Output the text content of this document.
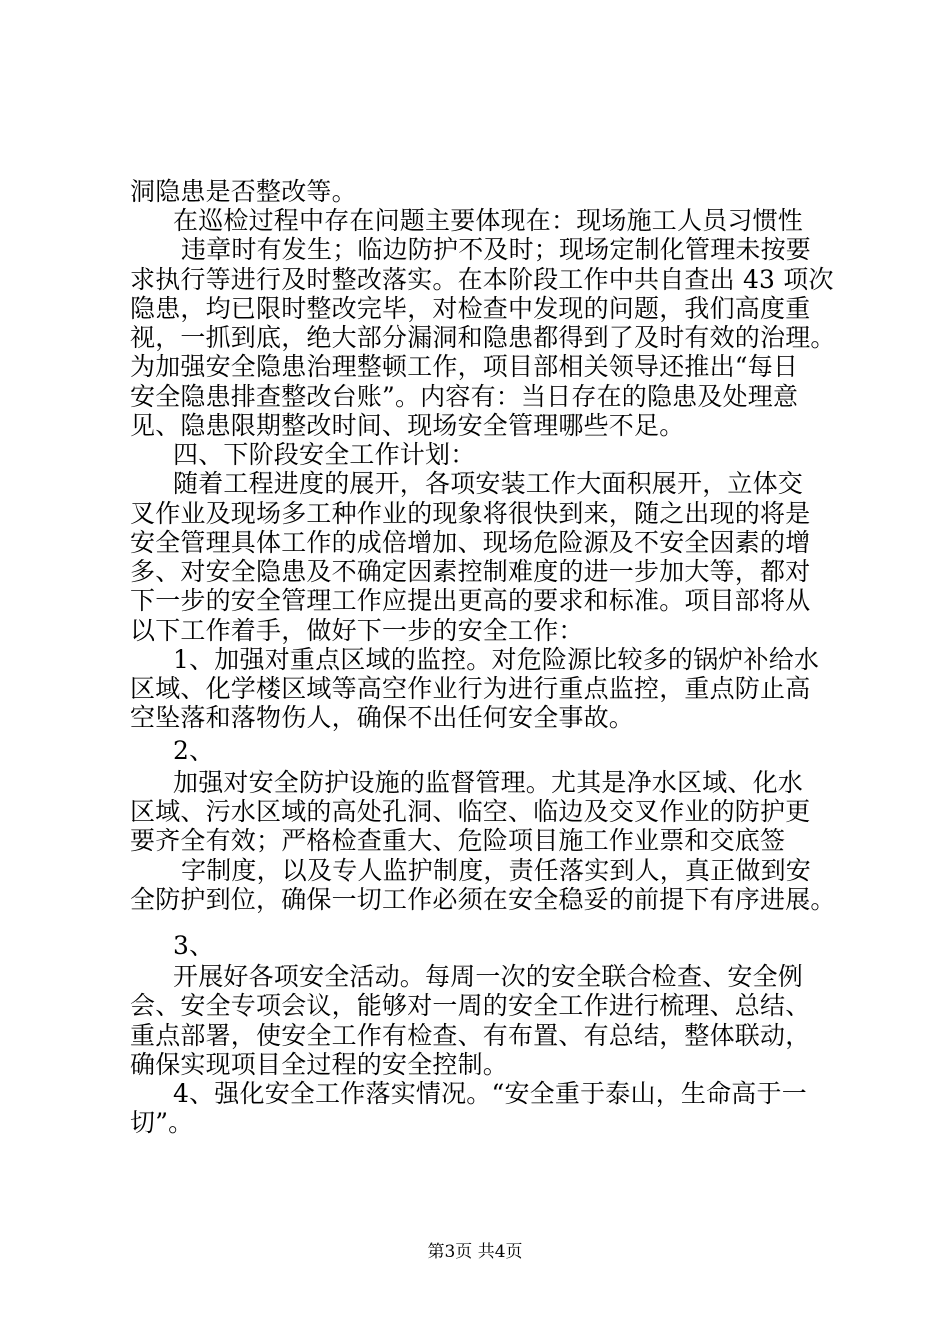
洞隐患是否整改等。
在巡检过程中存在问题主要体现在：现场施工人员习惯性
违章时有发生；临边防护不及时；现场定制化管理未按要
求执行等进行及时整改落实。在本阶段工作中共自查出 43 项次
隐患，均已限时整改完毕，对检查中发现的问题，我们高度重
视，一抓到底，绝大部分漏洞和隐患都得到了及时有效的治理。
为加强安全隐患治理整顿工作，项目部相关领导还推出“每日
安全隐患排查整改台账”。内容有：当日存在的隐患及处理意
见、隐患限期整改时间、现场安全管理哪些不足。
四、下阶段安全工作计划：
随着工程进度的展开，各项安装工作大面积展开，立体交
叉作业及现场多工种作业的现象将很快到来，随之出现的将是
安全管理具体工作的成倍增加、现场危险源及不安全因素的增
多、对安全隐患及不确定因素控制难度的进一步加大等，都对
下一步的安全管理工作应提出更高的要求和标准。项目部将从
以下工作着手，做好下一步的安全工作：
1、加强对重点区域的监控。对危险源比较多的锅炉补给水
区域、化学楼区域等高空作业行为进行重点监控，重点防止高
空坠落和落物伤人，确保不出任何安全事故。
2、
加强对安全防护设施的监督管理。尤其是净水区域、化水
区域、污水区域的高处孔洞、临空、临边及交叉作业的防护更
要齐全有效；严格检查重大、危险项目施工作业票和交底签
字制度，以及专人监护制度，责任落实到人，真正做到安
全防护到位，确保一切工作必须在安全稳妥的前提下有序进展。
3、
开展好各项安全活动。每周一次的安全联合检查、安全例
会、安全专项会议，能够对一周的安全工作进行梳理、总结、
重点部署，使安全工作有检查、有布置、有总结，整体联动，
确保实现项目全过程的安全控制。
4、强化安全工作落实情况。“安全重于泰山，生命高于一
切”。
第3页 共4页
